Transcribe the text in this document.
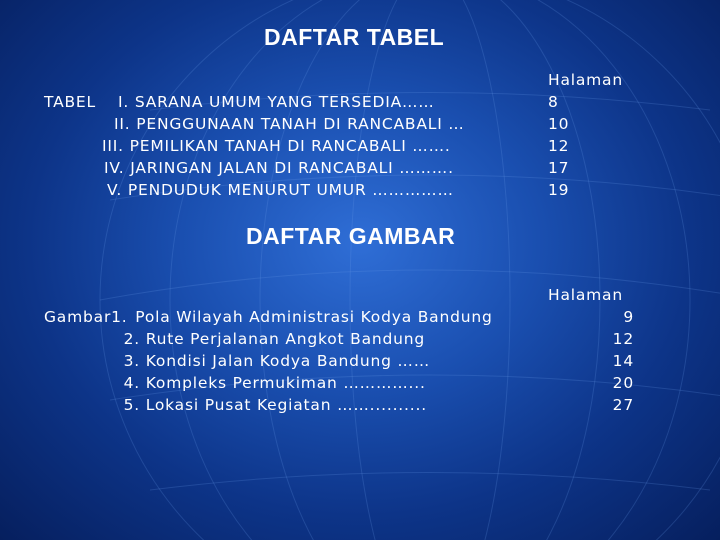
DAFTAR TABEL
TABEL I. SARANA UMUM YANG TERSEDIA……
II. PENGGUNAAN TANAH DI RANCABALI …
III. PEMILIKAN TANAH DI RANCABALI …….
IV. JARINGAN JALAN DI RANCABALI ……….
V. PENDUDUK MENURUT UMUR ……………
Halaman
8
10
12
17
19
DAFTAR GAMBAR
Gambar1. Pola Wilayah Administrasi Kodya Bandung
2. Rute Perjalanan Angkot Bandung
3. Kondisi Jalan Kodya Bandung ……
4. Kompleks Permukiman …………...
5. Lokasi Pusat Kegiatan ……..........
Halaman
9
12
14
20
27
